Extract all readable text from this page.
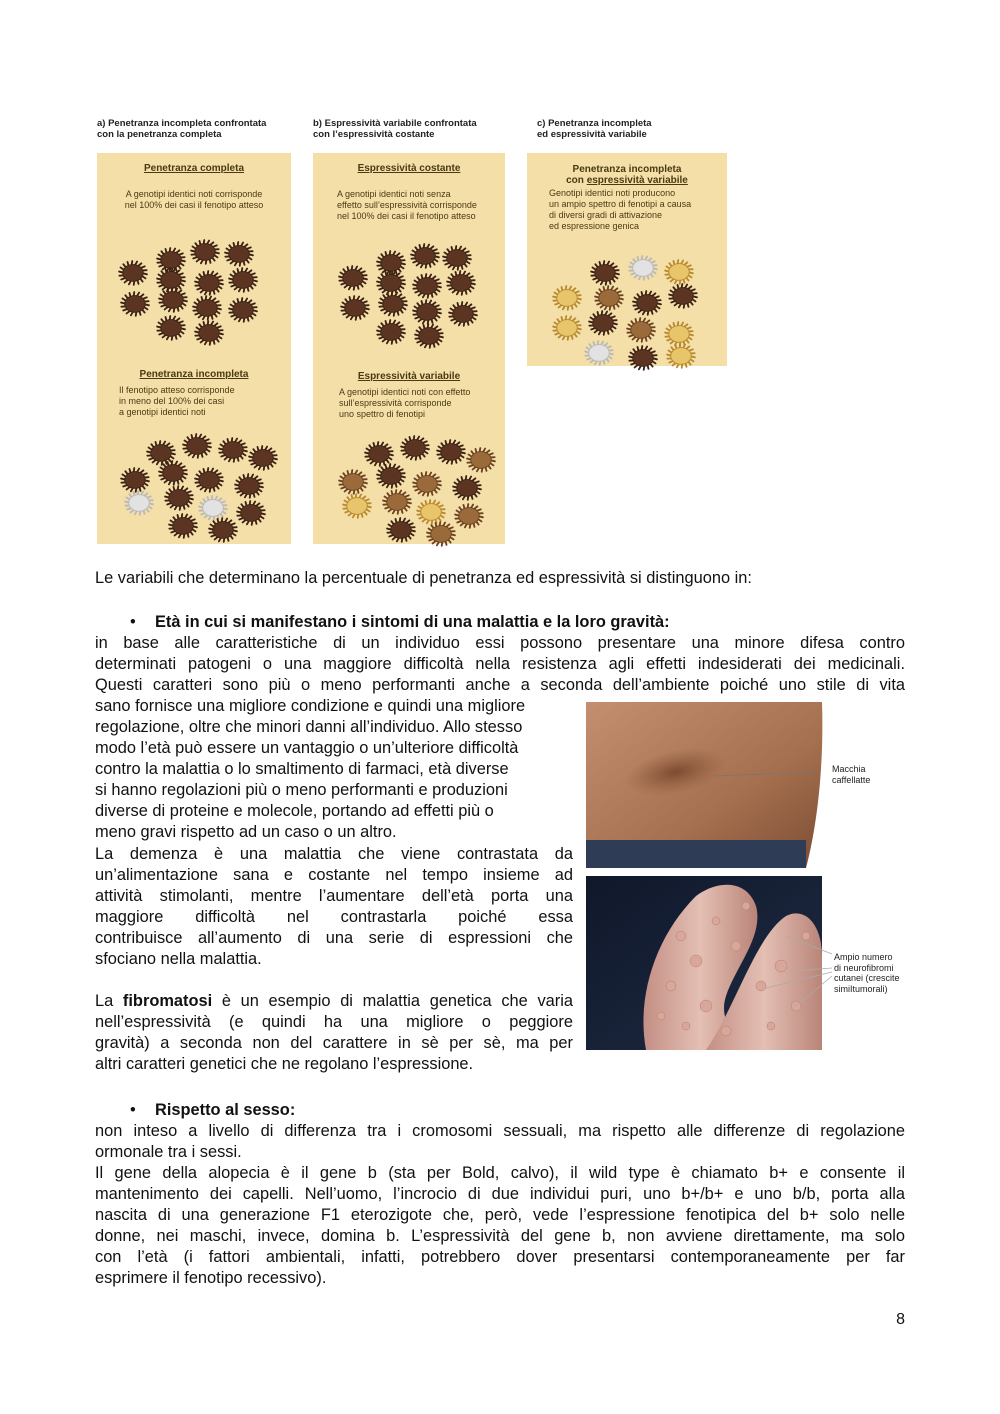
a) Penetranza incompleta confrontata
con la penetranza completa
b) Espressività variabile confrontata
con l’espressività costante
c) Penetranza incompleta
ed espressività variabile
Penetranza completa
A genotipi identici noti corrisponde
nel 100% dei casi il fenotipo atteso
Penetranza incompleta
Il fenotipo atteso corrisponde
in meno del 100% dei casi
a genotipi identici noti
Espressività costante
A genotipi identici noti senza
effetto sull’espressività corrisponde
nel 100% dei casi il fenotipo atteso
Espressività variabile
A genotipi identici noti con effetto
sull’espressività corrisponde
uno spettro di fenotipi
Penetranza incompleta
con espressività variabile
Genotipi identici noti producono
un ampio spettro di fenotipi a causa
di diversi gradi di attivazione
ed espressione genica

Le variabili che determinano la percentuale di penetranza ed espressività si distinguono in:

• Età in cui si manifestano i sintomi di una malattia e la loro gravità:
in base alle caratteristiche di un individuo essi possono presentare una minore difesa contro
determinati patogeni o una maggiore difficoltà nella resistenza agli effetti indesiderati dei medicinali.
Questi caratteri sono più o meno performanti anche a seconda dell’ambiente poiché uno stile di vita
sano fornisce una migliore condizione e quindi una migliore
regolazione, oltre che minori danni all’individuo. Allo stesso
modo l’età può essere un vantaggio o un’ulteriore difficoltà
contro la malattia o lo smaltimento di farmaci, età diverse
si hanno regolazioni più o meno performanti e produzioni
diverse di proteine e molecole, portando ad effetti più o
meno gravi rispetto ad un caso o un altro.
La demenza è una malattia che viene contrastata da
un’alimentazione sana e costante nel tempo insieme ad
attività stimolanti, mentre l’aumentare dell’età porta una
maggiore difficoltà nel contrastarla poiché essa
contribuisce all’aumento di una serie di espressioni che
sfociano nella malattia.
La fibromatosi è un esempio di malattia genetica che varia
nell’espressività (e quindi ha una migliore o peggiore
gravità) a seconda non del carattere in sè per sè, ma per
altri caratteri genetici che ne regolano l’espressione.
• Rispetto al sesso:
non inteso a livello di differenza tra i cromosomi sessuali, ma rispetto alle differenze di regolazione
ormonale tra i sessi.
Il gene della alopecia è il gene b (sta per Bold, calvo), il wild type è chiamato b+ e consente il
mantenimento dei capelli. Nell’uomo, l’incrocio di due individui puri, uno b+/b+ e uno b/b, porta alla
nascita di una generazione F1 eterozigote che, però, vede l’espressione fenotipica del b+ solo nelle
donne, nei maschi, invece, domina b. L’espressività del gene b, non avviene direttamente, ma solo
con l’età (i fattori ambientali, infatti, potrebbero dover presentarsi contemporaneamente per far
esprimere il fenotipo recessivo).
Macchia
caffellatte
Ampio numero
di neurofibromi
cutanei (crescite
simiItumorali)
8
